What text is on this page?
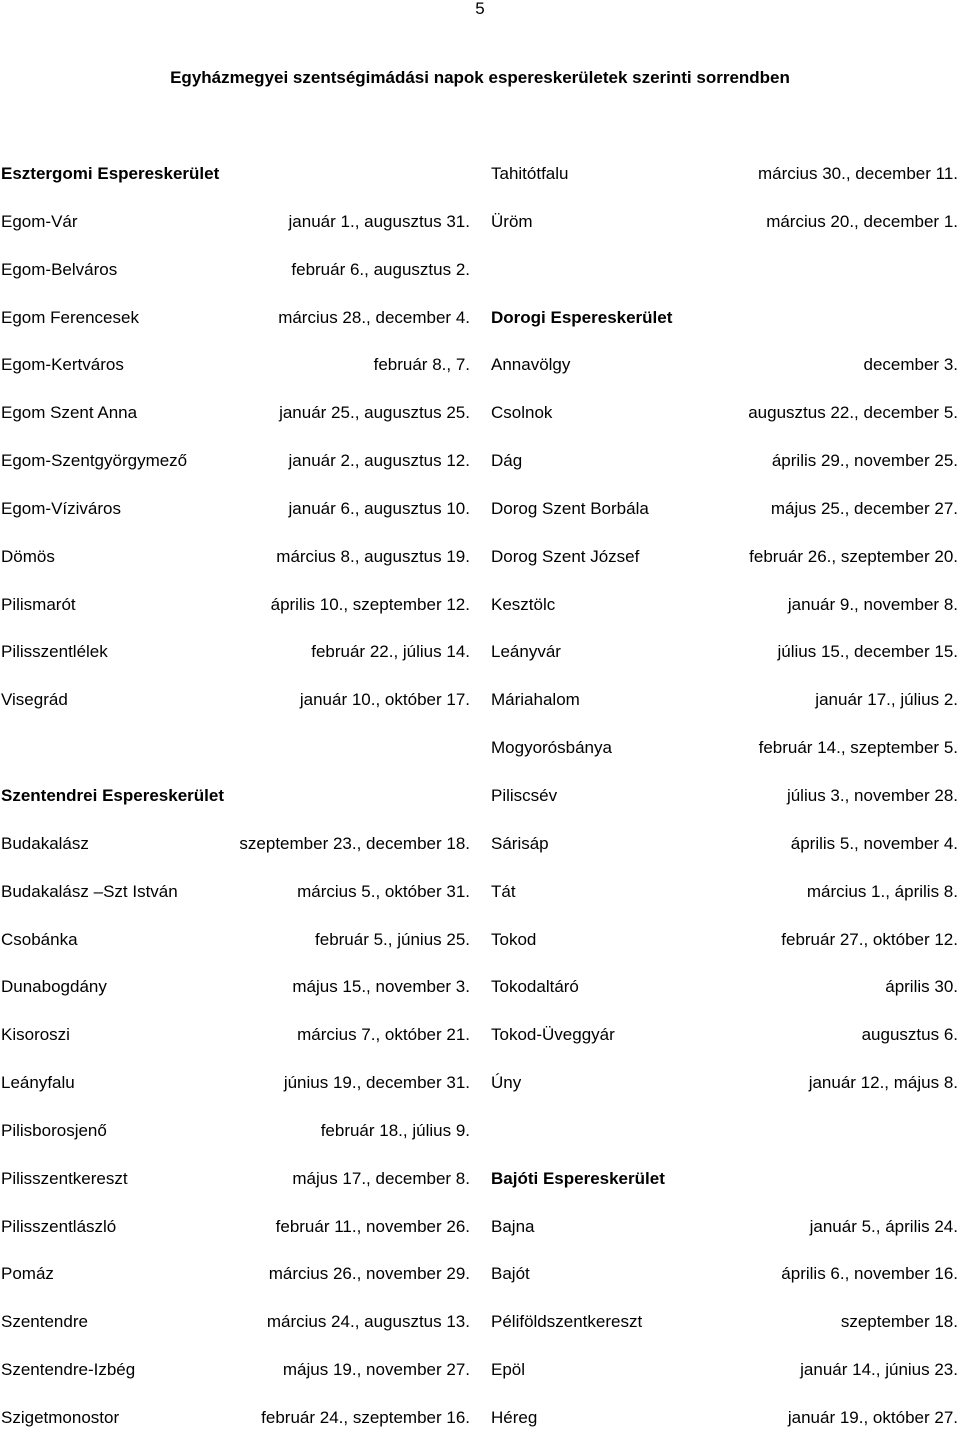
5
Egyházmegyei szentségimádási napok espereskerületek szerinti sorrendben
Esztergomi Espereskerület
Egom-Vár	január 1., augusztus 31.
Egom-Belváros	február 6., augusztus 2.
Egom Ferencesek	március 28., december 4.
Egom-Kertváros	február 8., 7.
Egom Szent Anna	január 25., augusztus 25.
Egom-Szentgyörgymező	január 2., augusztus 12.
Egom-Víziváros	január 6., augusztus 10.
Dömös	március 8., augusztus 19.
Pilismarót	április 10., szeptember 12.
Pilisszentlélek	február 22., július 14.
Visegrád	január 10., október 17.
Szentendrei Espereskerület
Budakalász	szeptember 23., december 18.
Budakalász –Szt István	március 5., október 31.
Csobánka	február 5., június 25.
Dunabogdány	május 15., november 3.
Kisoroszi	március 7., október 21.
Leányfalu	június 19., december 31.
Pilisborosjenő	február 18., július 9.
Pilisszentkereszt	május 17., december 8.
Pilisszentlászló	február 11., november 26.
Pomáz	március 26., november 29.
Szentendre	március 24., augusztus 13.
Szentendre-Izbég	május 19., november 27.
Szigetmonostor	február 24., szeptember 16.
Tahitótfalu	március 30., december 11.
Üröm	március 20., december 1.
Dorogi Espereskerület
Annavölgy	december 3.
Csolnok	augusztus 22., december 5.
Dág	április 29., november 25.
Dorog Szent Borbála	május 25., december 27.
Dorog Szent József	február 26., szeptember 20.
Kesztölc	január 9., november 8.
Leányvár	július 15., december 15.
Máriahalom	január 17., július 2.
Mogyorósbánya	február 14., szeptember 5.
Piliscsév	július 3., november 28.
Sárisáp	április 5., november 4.
Tát	március 1., április 8.
Tokod	február 27., október 12.
Tokodaltáró	április 30.
Tokod-Üveggyár	augusztus 6.
Úny	január 12., május 8.
Bajóti Espereskerület
Bajna	január 5., április 24.
Bajót	április 6., november 16.
Péliföldszentkereszt	szeptember 18.
Epöl	január 14., június 23.
Héreg	január 19., október 27.
